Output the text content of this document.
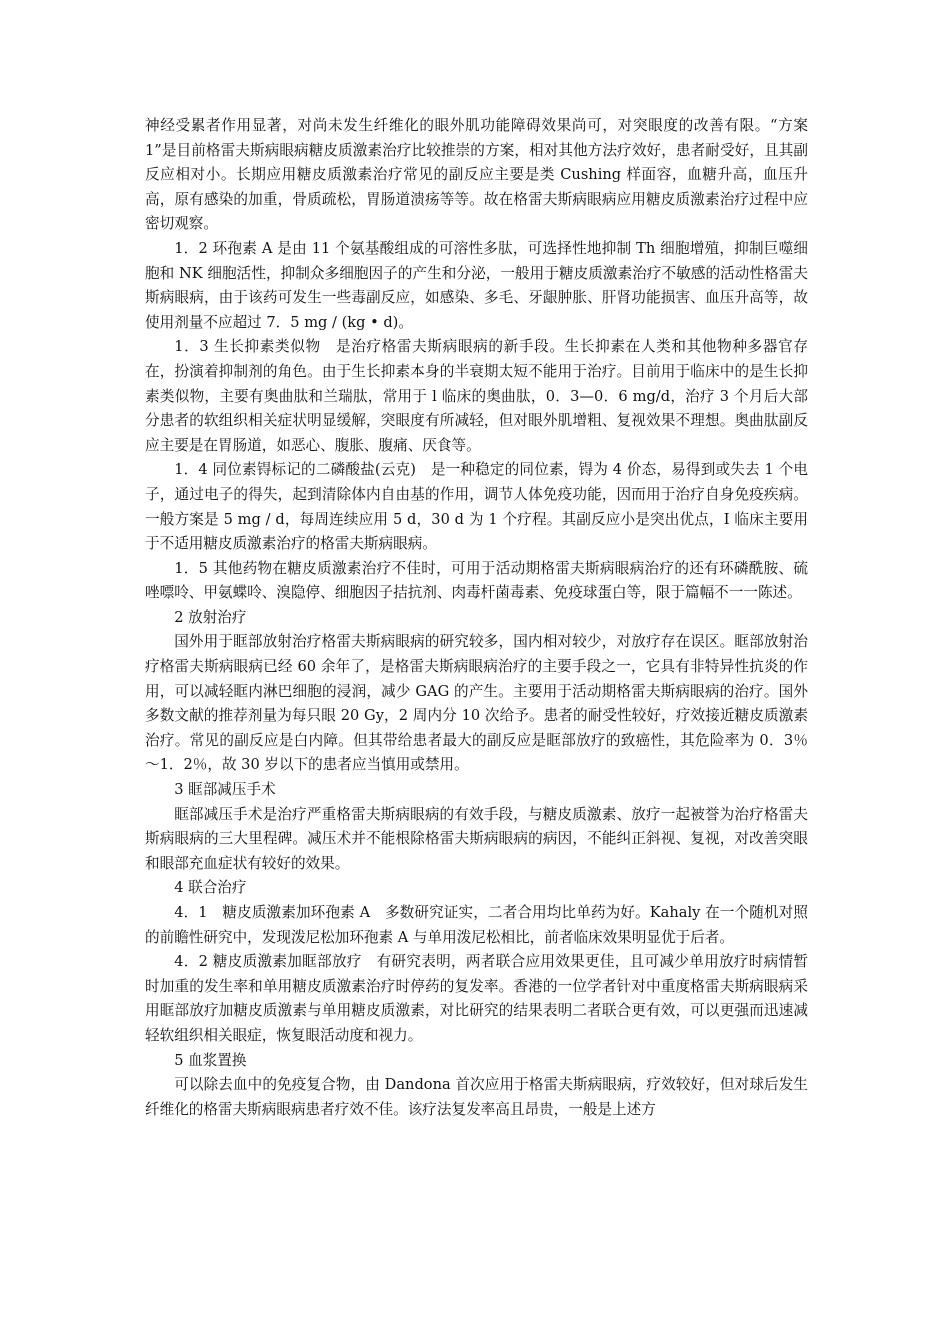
神经受累者作用显著，对尚未发生纤维化的眼外肌功能障碍效果尚可，对突眼度的改善有限。“方案 1”是目前格雷夫斯病眼病糖皮质激素治疗比较推崇的方案，相对其他方法疗效好，患者耐受好，且其副反应相对小。长期应用糖皮质激素治疗常见的副反应主要是类 Cushing 样面容，血糖升高，血压升高，原有感染的加重，骨质疏松，胃肠道溃疡等等。故在格雷夫斯病眼病应用糖皮质激素治疗过程中应密切观察。

1．2 环孢素 A 是由 11 个氨基酸组成的可溶性多肽，可选择性地抑制 Th 细胞增殖，抑制巨噬细胞和 NK 细胞活性，抑制众多细胞因子的产生和分泌，一般用于糖皮质激素治疗不敏感的活动性格雷夫斯病眼病，由于该药可发生一些毒副反应，如感染、多毛、牙龈肿胀、肝肾功能损害、血压升高等，故使用剂量不应超过 7．5 mg / (kg • d)。

1．3 生长抑素类似物　是治疗格雷夫斯病眼病的新手段。生长抑素在人类和其他物种多器官存在，扮演着抑制剂的角色。由于生长抑素本身的半衰期太短不能用于治疗。目前用于临床中的是生长抑素类似物，主要有奥曲肽和兰瑞肽，常用于 l 临床的奥曲肽，0．3—0．6 mg/d，治疗 3 个月后大部分患者的软组织相关症状明显缓解，突眼度有所减轻，但对眼外肌增粗、复视效果不理想。奥曲肽副反应主要是在胃肠道，如恶心、腹胀、腹痛、厌食等。

1．4 同位素锝标记的二磷酸盐(云克)　是一种稳定的同位素，锝为 4 价态，易得到或失去 1 个电子，通过电子的得失，起到清除体内自由基的作用，调节人体免疫功能，因而用于治疗自身免疫疾病。一般方案是 5 mg / d，每周连续应用 5 d，30 d 为 1 个疗程。其副反应小是突出优点，I 临床主要用于不适用糖皮质激素治疗的格雷夫斯病眼病。

1．5 其他药物在糖皮质激素治疗不佳时，可用于活动期格雷夫斯病眼病治疗的还有环磷酰胺、硫唑嘌呤、甲氨蝶呤、溴隐停、细胞因子拮抗剂、肉毒杆菌毒素、免疫球蛋白等，限于篇幅不一一陈述。

2 放射治疗

国外用于眶部放射治疗格雷夫斯病眼病的研究较多，国内相对较少，对放疗存在误区。眶部放射治疗格雷夫斯病眼病已经 60 余年了，是格雷夫斯病眼病治疗的主要手段之一，它具有非特异性抗炎的作用，可以减轻眶内淋巴细胞的浸润，减少 GAG 的产生。主要用于活动期格雷夫斯病眼病的治疗。国外多数文献的推荐剂量为每只眼 20 Gy，2 周内分 10 次给予。患者的耐受性较好，疗效接近糖皮质激素治疗。常见的副反应是白内障。但其带给患者最大的副反应是眶部放疗的致癌性，其危险率为 0．3％～1．2％，故 30 岁以下的患者应当慎用或禁用。

3 眶部减压手术

眶部减压手术是治疗严重格雷夫斯病眼病的有效手段，与糖皮质激素、放疗一起被誉为治疗格雷夫斯病眼病的三大里程碑。减压术并不能根除格雷夫斯病眼病的病因，不能纠正斜视、复视，对改善突眼和眼部充血症状有较好的效果。

4 联合治疗

4．1　糖皮质激素加环孢素 A　多数研究证实，二者合用均比单药为好。Kahaly 在一个随机对照的前瞻性研究中，发现泼尼松加环孢素 A 与单用泼尼松相比，前者临床效果明显优于后者。

4．2 糖皮质激素加眶部放疗　有研究表明，两者联合应用效果更佳，且可减少单用放疗时病情暂时加重的发生率和单用糖皮质激素治疗时停药的复发率。香港的一位学者针对中重度格雷夫斯病眼病采用眶部放疗加糖皮质激素与单用糖皮质激素，对比研究的结果表明二者联合更有效，可以更强而迅速减轻软组织相关眼症，恢复眼活动度和视力。

5 血浆置换

可以除去血中的免疫复合物，由 Dandona 首次应用于格雷夫斯病眼病，疗效较好，但对球后发生纤维化的格雷夫斯病眼病患者疗效不佳。该疗法复发率高且昂贵，一般是上述方
